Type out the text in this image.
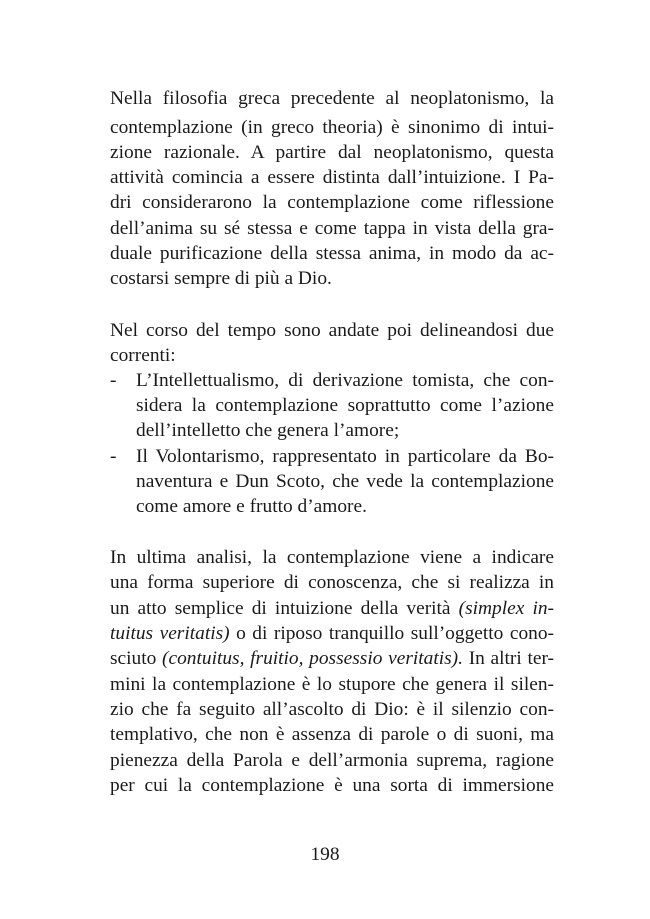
Nella filosofia greca precedente al neoplatonismo, la
contemplazione (in greco theoria) è sinonimo di intui-
zione razionale. A partire dal neoplatonismo, questa
attività comincia a essere distinta dall’intuizione. I Pa-
dri considerarono la contemplazione come riflessione
dell’anima su sé stessa e come tappa in vista della gra-
duale purificazione della stessa anima, in modo da ac-
costarsi sempre di più a Dio.
Nel corso del tempo sono andate poi delineandosi due
correnti:
- L’Intellettualismo, di derivazione tomista, che con-
sidera la contemplazione soprattutto come l’azione
dell’intelletto che genera l’amore;
- Il Volontarismo, rappresentato in particolare da Bo-
naventura e Dun Scoto, che vede la contemplazione
come amore e frutto d’amore.
In ultima analisi, la contemplazione viene a indicare
una forma superiore di conoscenza, che si realizza in
un atto semplice di intuizione della verità (simplex in-
tuitus veritatis) o di riposo tranquillo sull’oggetto cono-
sciuto (contuitus, fruitio, possessio veritatis). In altri ter-
mini la contemplazione è lo stupore che genera il silen-
zio che fa seguito all’ascolto di Dio: è il silenzio con-
templativo, che non è assenza di parole o di suoni, ma
pienezza della Parola e dell’armonia suprema, ragione
per cui la contemplazione è una sorta di immersione
198
